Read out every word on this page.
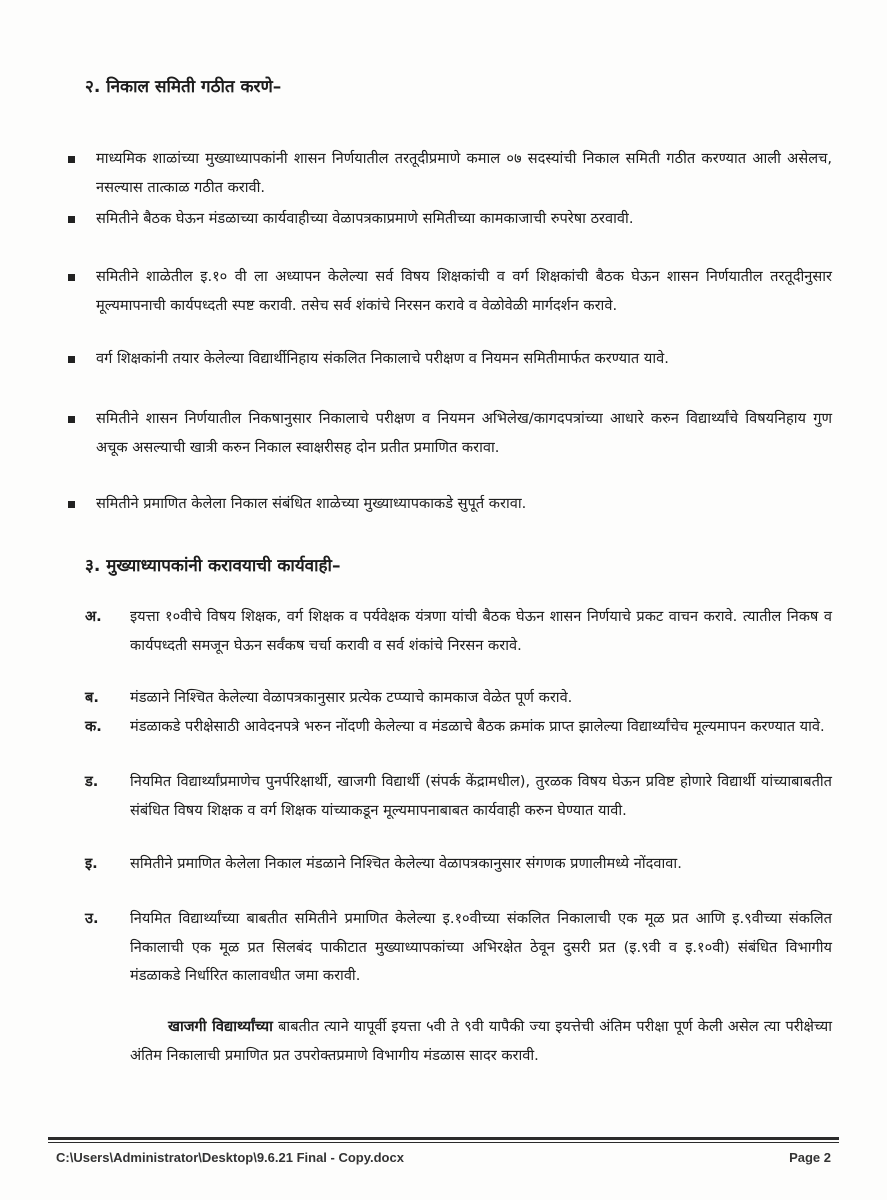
२. निकाल समिती गठीत करणे–
माध्यमिक शाळांच्या मुख्याध्यापकांनी शासन निर्णयातील तरतूदीप्रमाणे कमाल ०७ सदस्यांची निकाल समिती गठीत करण्यात आली असेलच, नसल्यास तात्काळ गठीत करावी.
समितीने बैठक घेऊन मंडळाच्या कार्यवाहीच्या वेळापत्रकाप्रमाणे समितीच्या कामकाजाची रुपरेषा ठरवावी.
समितीने शाळेतील इ.१० वी ला अध्यापन केलेल्या सर्व विषय शिक्षकांची व वर्ग शिक्षकांची बैठक घेऊन शासन निर्णयातील तरतूदीनुसार मूल्यमापनाची कार्यपध्दती स्पष्ट करावी. तसेच सर्व शंकांचे निरसन करावे व वेळोवेळी मार्गदर्शन करावे.
वर्ग शिक्षकांनी तयार केलेल्या विद्यार्थीनिहाय संकलित निकालाचे परीक्षण व नियमन समितीमार्फत करण्यात यावे.
समितीने शासन निर्णयातील निकषानुसार निकालाचे परीक्षण व नियमन अभिलेख/कागदपत्रांच्या आधारे करुन विद्यार्थ्यांचे विषयनिहाय गुण अचूक असल्याची खात्री करुन निकाल स्वाक्षरीसह दोन प्रतीत प्रमाणित करावा.
समितीने प्रमाणित केलेला निकाल संबंधित शाळेच्या मुख्याध्यापकाकडे सुपूर्त करावा.
३. मुख्याध्यापकांनी करावयाची कार्यवाही–
अ. इयत्ता १०वीचे विषय शिक्षक, वर्ग शिक्षक व पर्यवेक्षक यंत्रणा यांची बैठक घेऊन शासन निर्णयाचे प्रकट वाचन करावे. त्यातील निकष व कार्यपध्दती समजून घेऊन सर्वंकष चर्चा करावी व सर्व शंकांचे निरसन करावे.
ब. मंडळाने निश्चित केलेल्या वेळापत्रकानुसार प्रत्येक टप्प्याचे कामकाज वेळेत पूर्ण करावे.
क. मंडळाकडे परीक्षेसाठी आवेदनपत्रे भरुन नोंदणी केलेल्या व मंडळाचे बैठक क्रमांक प्राप्त झालेल्या विद्यार्थ्यांचेच मूल्यमापन करण्यात यावे.
ड. नियमित विद्यार्थ्यांप्रमाणेच पुनर्परिक्षार्थी, खाजगी विद्यार्थी (संपर्क केंद्रामधील), तुरळक विषय घेऊन प्रविष्ट होणारे विद्यार्थी यांच्याबाबतीत संबंधित विषय शिक्षक व वर्ग शिक्षक यांच्याकडून मूल्यमापनाबाबत कार्यवाही करुन घेण्यात यावी.
इ. समितीने प्रमाणित केलेला निकाल मंडळाने निश्चित केलेल्या वेळापत्रकानुसार संगणक प्रणालीमध्ये नोंदवावा.
उ. नियमित विद्यार्थ्यांच्या बाबतीत समितीने प्रमाणित केलेल्या इ.१०वीच्या संकलित निकालाची एक मूळ प्रत आणि इ.९वीच्या संकलित निकालाची एक मूळ प्रत सिलबंद पाकीटात मुख्याध्यापकांच्या अभिरक्षेत ठेवून दुसरी प्रत (इ.९वी व इ.१०वी) संबंधित विभागीय मंडळाकडे निर्धारित कालावधीत जमा करावी.

खाजगी विद्यार्थ्यांच्या बाबतीत त्याने यापूर्वी इयत्ता ५वी ते ९वी यापैकी ज्या इयत्तेची अंतिम परीक्षा पूर्ण केली असेल त्या परीक्षेच्या अंतिम निकालाची प्रमाणित प्रत उपरोक्तप्रमाणे विभागीय मंडळास सादर करावी.

C:\Users\Administrator\Desktop\9.6.21 Final - Copy.docx	Page 2
